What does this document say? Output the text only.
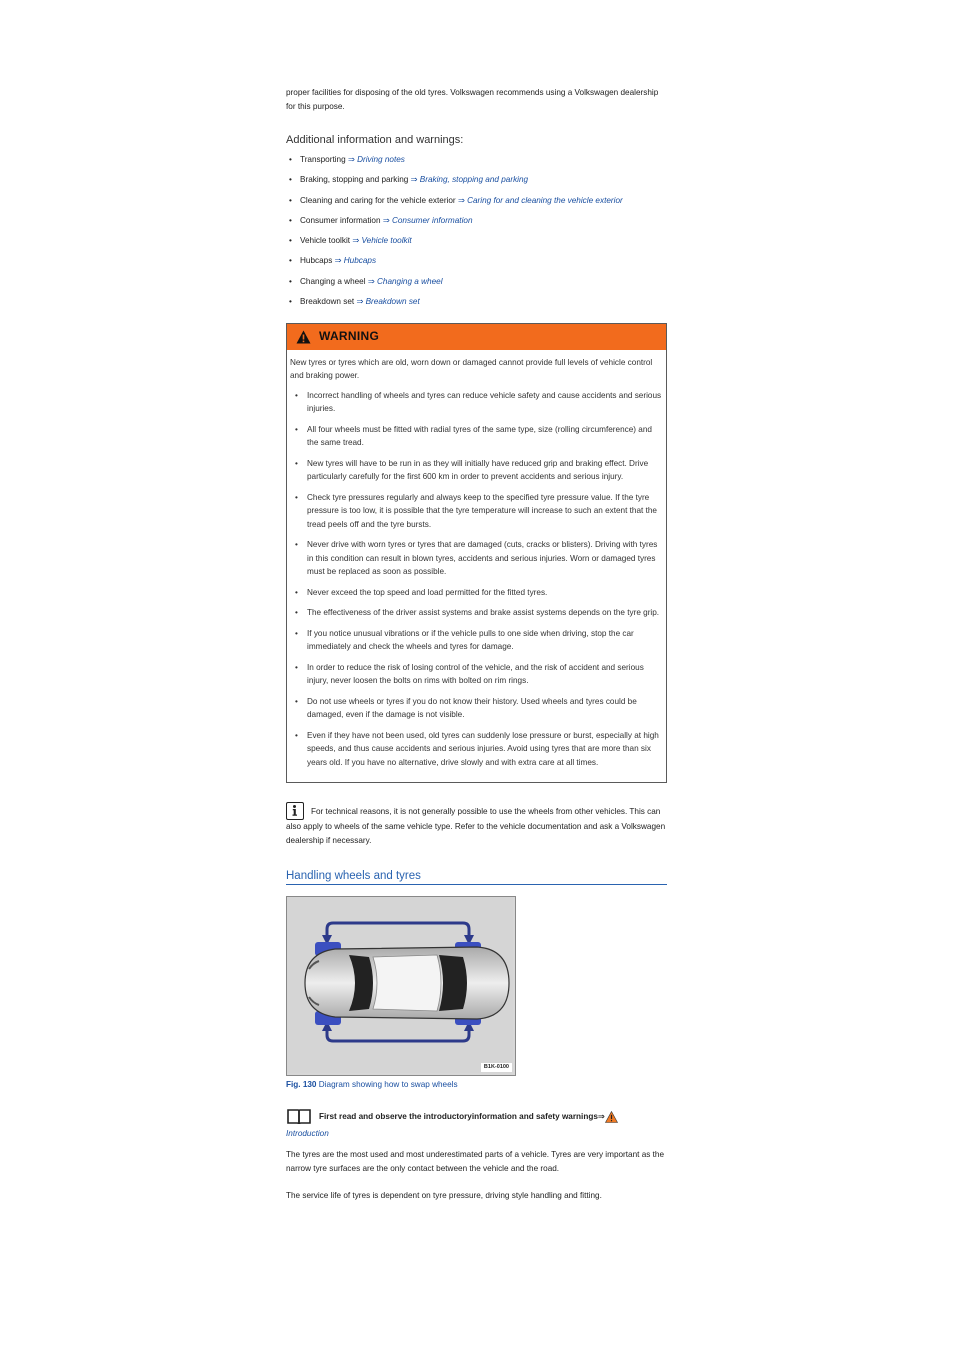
proper facilities for disposing of the old tyres. Volkswagen recommends using a Volkswagen dealership for this purpose.

Additional information and warnings:
• Transporting ⇒ Driving notes
• Braking, stopping and parking ⇒ Braking, stopping and parking
• Cleaning and caring for the vehicle exterior ⇒ Caring for and cleaning the vehicle exterior
• Consumer information ⇒ Consumer information
• Vehicle toolkit ⇒ Vehicle toolkit
• Hubcaps ⇒ Hubcaps
• Changing a wheel ⇒ Changing a wheel
• Breakdown set ⇒ Breakdown set
WARNING

New tyres or tyres which are old, worn down or damaged cannot provide full levels of vehicle control and braking power.

• Incorrect handling of wheels and tyres can reduce vehicle safety and cause accidents and serious injuries.
• All four wheels must be fitted with radial tyres of the same type, size (rolling circumference) and the same tread.
• New tyres will have to be run in as they will initially have reduced grip and braking effect. Drive particularly carefully for the first 600 km in order to prevent accidents and serious injury.
• Check tyre pressures regularly and always keep to the specified tyre pressure value. If the tyre pressure is too low, it is possible that the tyre temperature will increase to such an extent that the tread peels off and the tyre bursts.
• Never drive with worn tyres or tyres that are damaged (cuts, cracks or blisters). Driving with tyres in this condition can result in blown tyres, accidents and serious injuries. Worn or damaged tyres must be replaced as soon as possible.
• Never exceed the top speed and load permitted for the fitted tyres.
• The effectiveness of the driver assist systems and brake assist systems depends on the tyre grip.
• If you notice unusual vibrations or if the vehicle pulls to one side when driving, stop the car immediately and check the wheels and tyres for damage.
• In order to reduce the risk of losing control of the vehicle, and the risk of accident and serious injury, never loosen the bolts on rims with bolted on rim rings.
• Do not use wheels or tyres if you do not know their history. Used wheels and tyres could be damaged, even if the damage is not visible.
• Even if they have not been used, old tyres can suddenly lose pressure or burst, especially at high speeds, and thus cause accidents and serious injuries. Avoid using tyres that are more than six years old. If you have no alternative, drive slowly and with extra care at all times.

For technical reasons, it is not generally possible to use the wheels from other vehicles. This can also apply to wheels of the same vehicle type. Refer to the vehicle documentation and ask a Volkswagen dealership if necessary.

Handling wheels and tyres
B1K-0100

Fig. 130 Diagram showing how to swap wheels

First read and observe the introductoryinformation and safety warnings⇒
Introduction

The tyres are the most used and most underestimated parts of a vehicle. Tyres are very important as the narrow tyre surfaces are the only contact between the vehicle and the road.

The service life of tyres is dependent on tyre pressure, driving style handling and fitting.
